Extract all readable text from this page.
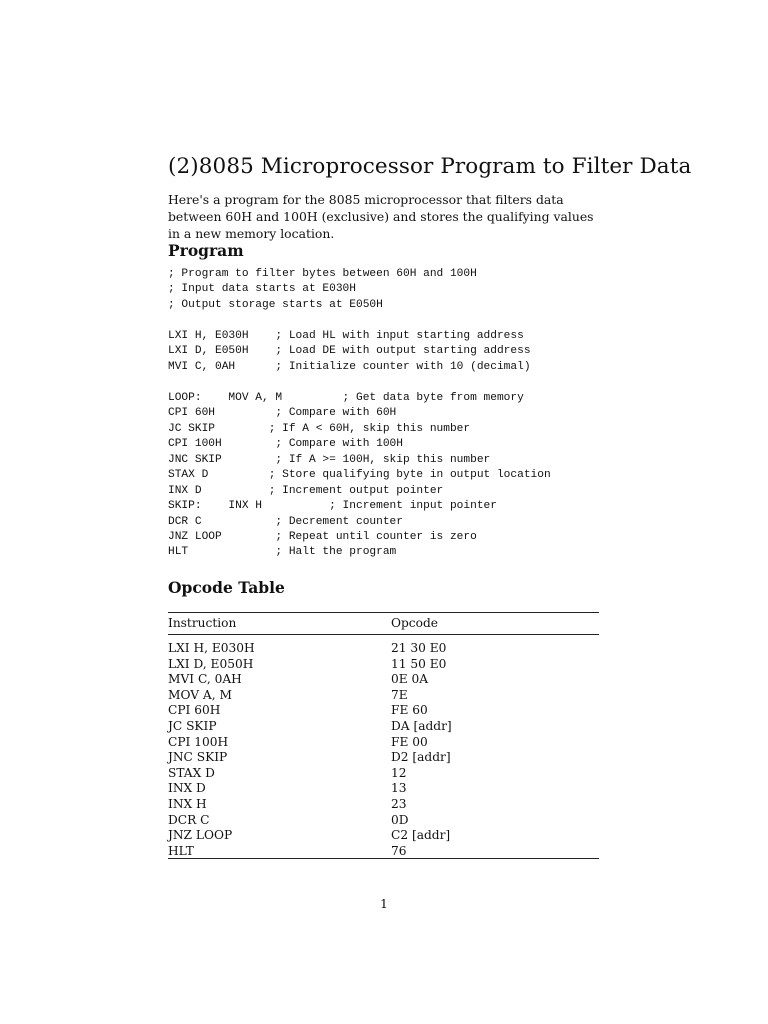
(2)8085 Microprocessor Program to Filter Data
Here's a program for the 8085 microprocessor that filters data between 60H and 100H (exclusive) and stores the qualifying values in a new memory location.
Program
; Program to filter bytes between 60H and 100H
; Input data starts at E030H
; Output storage starts at E050H
LXI H, E030H    ; Load HL with input starting address
LXI D, E050H    ; Load DE with output starting address
MVI C, 0AH      ; Initialize counter with 10 (decimal)
LOOP:    MOV A, M         ; Get data byte from memory
CPI 60H         ; Compare with 60H
JC SKIP        ; If A < 60H, skip this number
CPI 100H        ; Compare with 100H
JNC SKIP        ; If A >= 100H, skip this number
STAX D         ; Store qualifying byte in output location
INX D          ; Increment output pointer
SKIP:    INX H          ; Increment input pointer
DCR C           ; Decrement counter
JNZ LOOP        ; Repeat until counter is zero
HLT             ; Halt the program
Opcode Table
Instruction	Opcode
LXI H, E030H	21 30 E0
LXI D, E050H	11 50 E0
MVI C, 0AH	0E 0A
MOV A, M	7E
CPI 60H	FE 60
JC SKIP	DA [addr]
CPI 100H	FE 00
JNC SKIP	D2 [addr]
STAX D	12
INX D	13
INX H	23
DCR C	0D
JNZ LOOP	C2 [addr]
HLT	76
1
